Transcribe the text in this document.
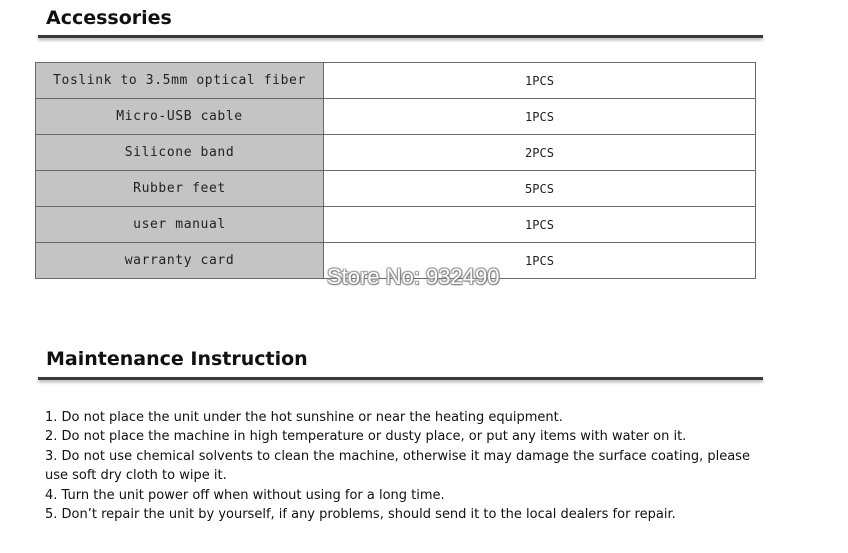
Accessories
Toslink to 3.5mm optical fiber	1PCS
Micro-USB cable	1PCS
Silicone band	2PCS
Rubber feet	5PCS
user manual	1PCS
warranty card	1PCS
Store No: 932490
Maintenance Instruction
1. Do not place the unit under the hot sunshine or near the heating equipment.
2. Do not place the machine in high temperature or dusty place, or put any items with water on it.
3. Do not use chemical solvents to clean the machine, otherwise it may damage the surface coating, please use soft dry cloth to wipe it.
4. Turn the unit power off when without using for a long time.
5. Don’t repair the unit by yourself, if any problems, should send it to the local dealers for repair.
